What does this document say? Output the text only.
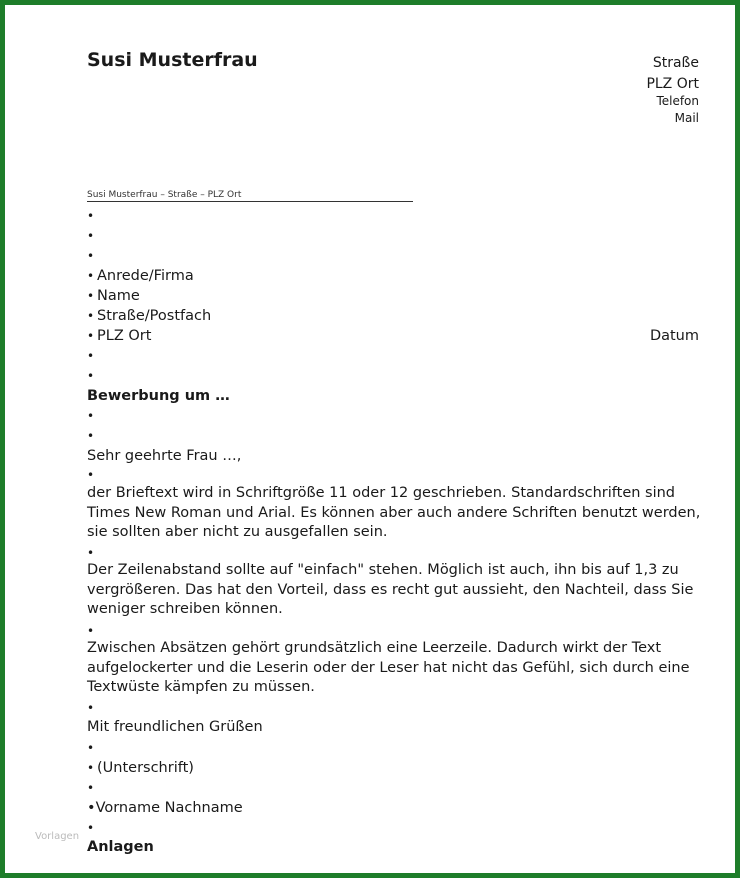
Susi Musterfrau	Straße
PLZ Ort
Telefon
Mail
Susi Musterfrau – Straße – PLZ Ort
•
•
•
• Anrede/Firma
• Name
• Straße/Postfach
• PLZ Ort	Datum
•
•
Bewerbung um …
•
•
Sehr geehrte Frau …,
•
der Brieftext wird in Schriftgröße 11 oder 12 geschrieben. Standardschriften sind Times New Roman und Arial. Es können aber auch andere Schriften benutzt werden, sie sollten aber nicht zu ausgefallen sein.
•
Der Zeilenabstand sollte auf "einfach" stehen. Möglich ist auch, ihn bis auf 1,3 zu vergrößeren. Das hat den Vorteil, dass es recht gut aussieht, den Nachteil, dass Sie weniger schreiben können.
•
Zwischen Absätzen gehört grundsätzlich eine Leerzeile. Dadurch wirkt der Text aufgelockerter und die Leserin oder der Leser hat nicht das Gefühl, sich durch eine Textwüste kämpfen zu müssen.
•
Mit freundlichen Grüßen
•
• (Unterschrift)
•
•Vorname Nachname
•
Anlagen
Vorlagen
